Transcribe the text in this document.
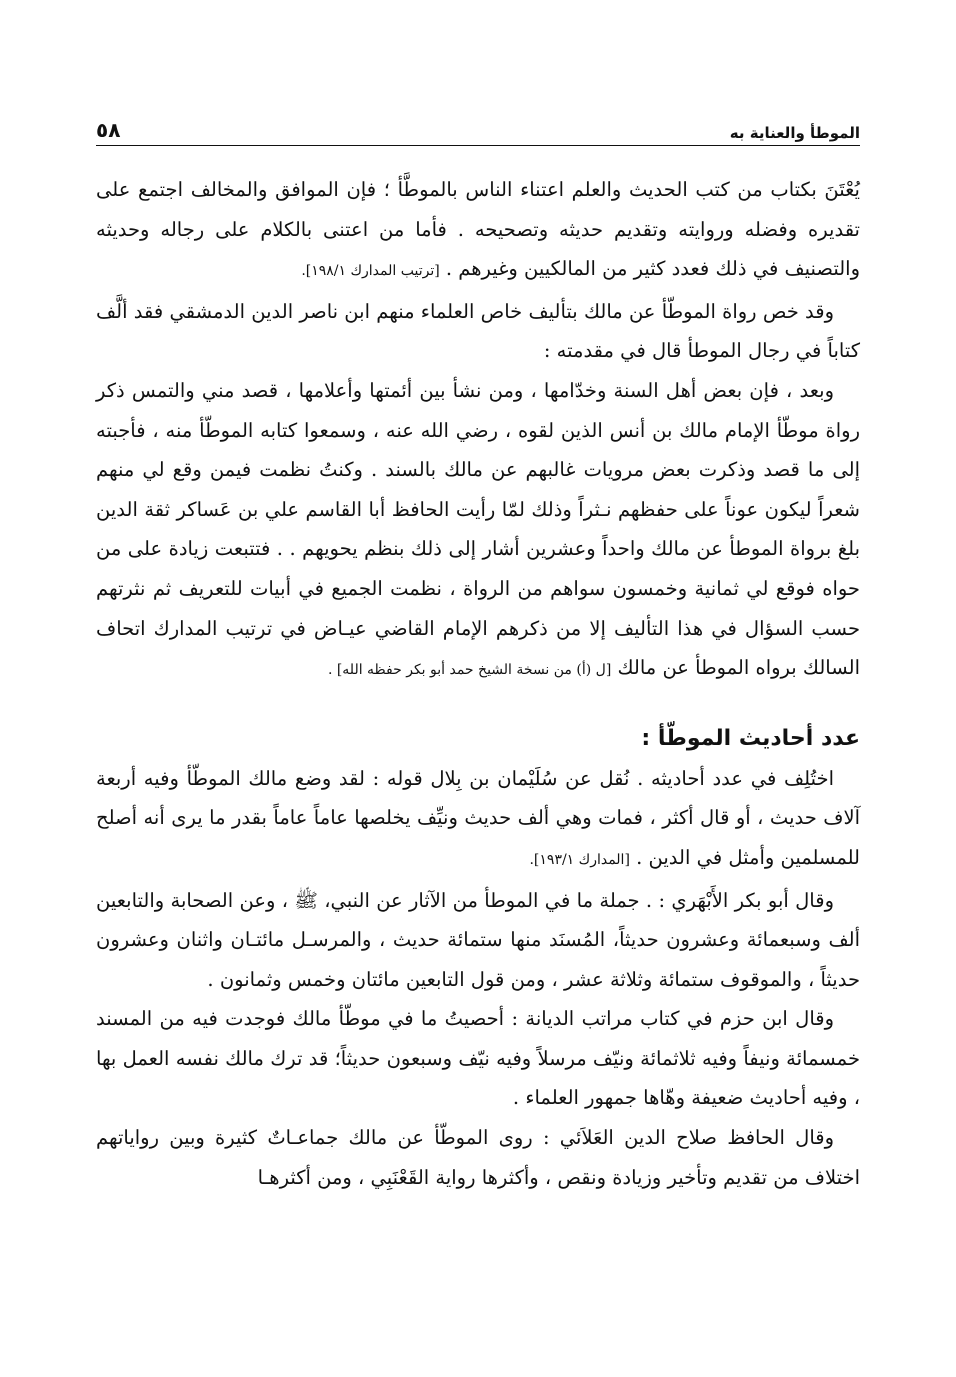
الموطأ والعناية به
٥٨

يُعْتَنَ بكتاب من كتب الحديث والعلم اعتناء الناس بالموطَّأ ؛ فإن الموافق والمخالف اجتمع على تقديره وفضله وروايته وتقديم حديثه وتصحيحه . فأما من اعتنى بالكلام على رجاله وحديثه والتصنيف في ذلك فعدد كثير من المالكيين وغيرهم . [ترتيب المدارك ١٩٨/١].

وقد خص رواة الموطّأ عن مالك بتأليف خاص العلماء منهم ابن ناصر الدين الدمشقي فقد ألَّف كتاباً في رجال الموطأ قال في مقدمته :

وبعد ، فإن بعض أهل السنة وخدّامها ، ومن نشأ بين أئمتها وأعلامها ، قصد مني والتمس ذكر رواة موطّأ الإمام مالك بن أنس الذين لقوه ، رضي الله عنه ، وسمعوا كتابه الموطّأ منه ، فأجبته إلى ما قصد وذكرت بعض مرويات غالبهم عن مالك بالسند . وكنتُ نظمت فيمن وقع لي منهم شعراً ليكون عوناً على حفظهم نـثراً وذلك لمّا رأيت الحافظ أبا القاسم علي بن عَساكر ثقة الدين بلغ برواة الموطأ عن مالك واحداً وعشرين أشار إلى ذلك بنظم يحويهم . . فتتبعت زيادة على من حواه فوقع لي ثمانية وخمسون سواهم من الرواة ، نظمت الجميع في أبيات للتعريف ثم نثرتهم حسب السؤال في هذا التأليف إلا من ذكرهم الإمام القاضي عيـاض في ترتيب المدارك اتحاف السالك برواه الموطأ عن مالك [ل (أ) من نسخة الشيخ حمد أبو بكر حفظه الله] .

عدد أحاديث الموطّأ :

اختُلِف في عدد أحاديثه . نُقل عن سُلَيْمان بن بِلال قوله : لقد وضع مالك الموطّأ وفيه أربعة آلاف حديث ، أو قال أكثر ، فمات وهي ألف حديث ونيِّف يخلصها عاماً عاماً بقدر ما يرى أنه أصلح للمسلمين وأمثل في الدين . [المدارك ١٩٣/١].

وقال أبو بكر الأَبْهَري : . جملة ما في الموطأ من الآثار عن النبي، ﷺ ، وعن الصحابة والتابعين ألف وسبعمائة وعشرون حديثاً، المُسنَد منها ستمائة حديث ، والمرسـل مائتـان واثنان وعشرون حديثاً ، والموقوف ستمائة وثلاثة عشر ، ومن قول التابعين مائتان وخمس وثمانون .

وقال ابن حزم في كتاب مراتب الديانة : أحصيتُ ما في موطّأ مالك فوجدت فيه من المسند خمسمائة ونيفاً وفيه ثلاثمائة ونيّف مرسلاً وفيه نيّف وسبعون حديثاً؛ قد ترك مالك نفسه العمل بها ، وفيه أحاديث ضعيفة وهّاها جمهور العلماء .

وقال الحافظ صلاح الدين العَلاَئي : روى الموطّأ عن مالك جماعـاتٌ كثيرة وبين رواياتهم اختلاف من تقديم وتأخير وزيادة ونقص ، وأكثرها رواية القَعْنَبِي ، ومن أكثرهـا
